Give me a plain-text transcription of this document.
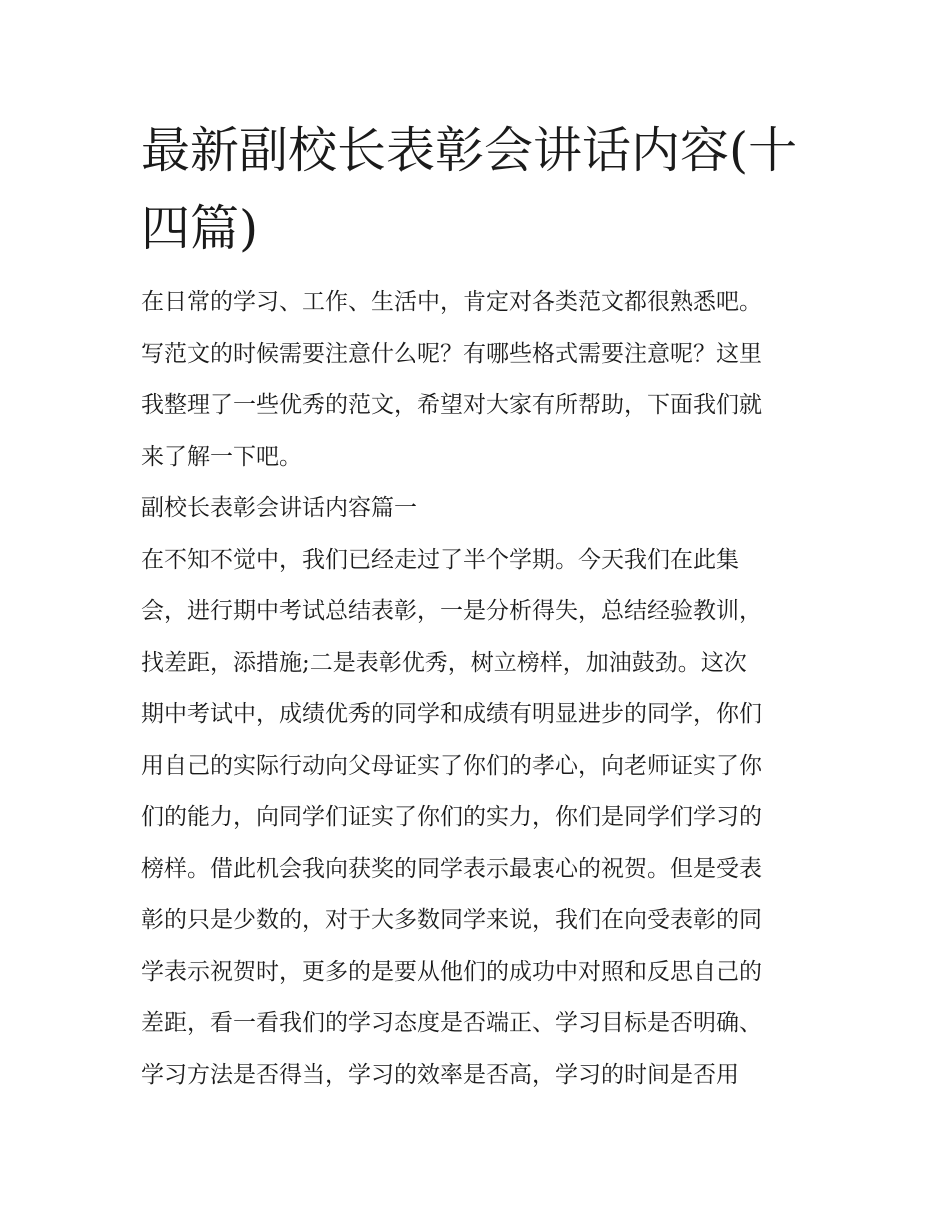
最新副校长表彰会讲话内容(十
四篇)
在日常的学习、工作、生活中，肯定对各类范文都很熟悉吧。
写范文的时候需要注意什么呢？有哪些格式需要注意呢？这里
我整理了一些优秀的范文，希望对大家有所帮助，下面我们就
来了解一下吧。
副校长表彰会讲话内容篇一
在不知不觉中，我们已经走过了半个学期。今天我们在此集
会，进行期中考试总结表彰，一是分析得失，总结经验教训，
找差距，添措施;二是表彰优秀，树立榜样，加油鼓劲。这次
期中考试中，成绩优秀的同学和成绩有明显进步的同学，你们
用自己的实际行动向父母证实了你们的孝心，向老师证实了你
们的能力，向同学们证实了你们的实力，你们是同学们学习的
榜样。借此机会我向获奖的同学表示最衷心的祝贺。但是受表
彰的只是少数的，对于大多数同学来说，我们在向受表彰的同
学表示祝贺时，更多的是要从他们的成功中对照和反思自己的
差距，看一看我们的学习态度是否端正、学习目标是否明确、
学习方法是否得当，学习的效率是否高，学习的时间是否用
